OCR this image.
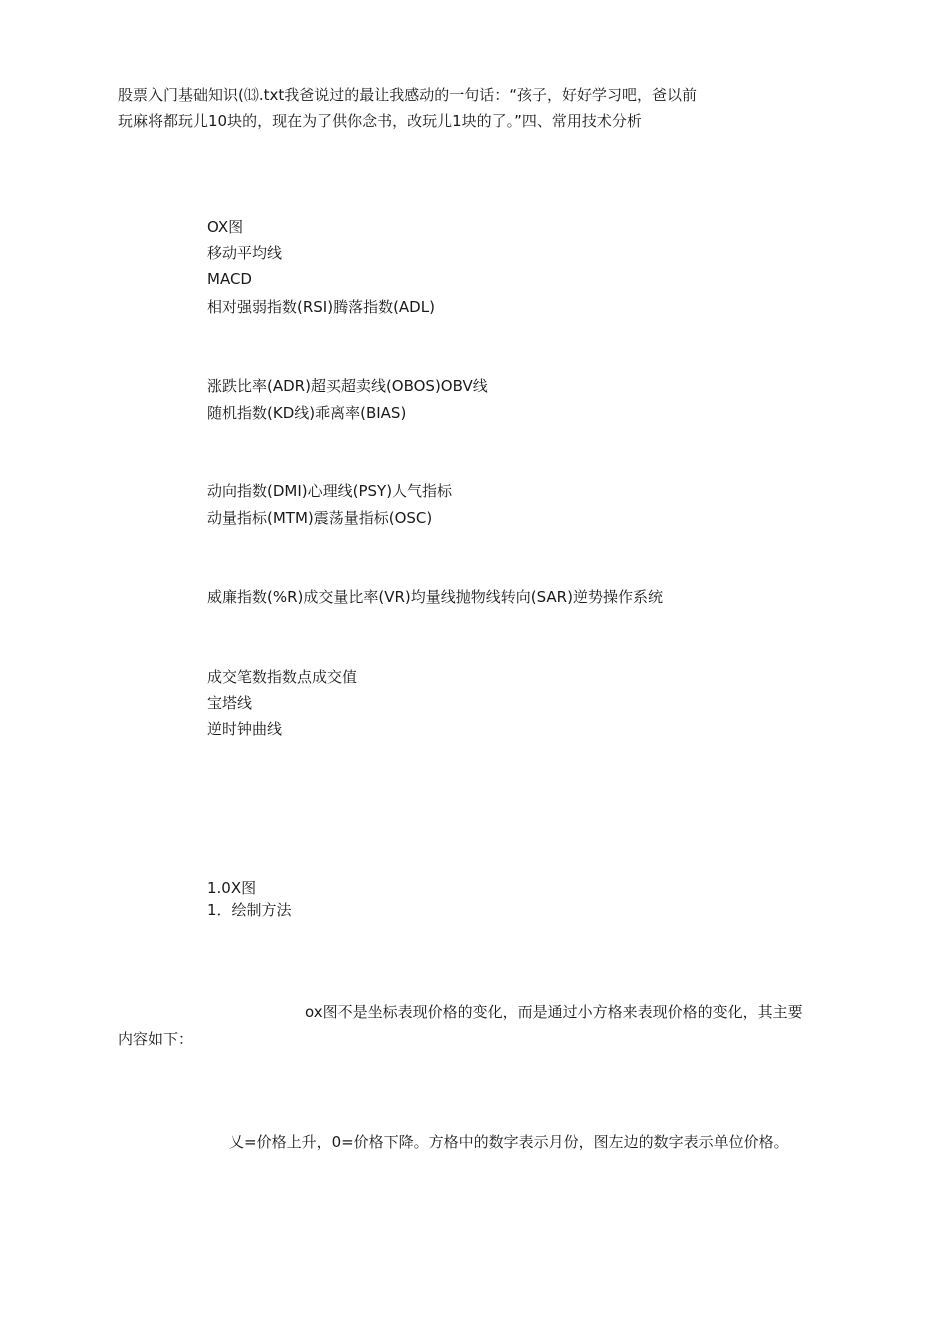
股票入门基础知识(⒀.txt我爸说过的最让我感动的一句话：“孩子，好好学习吧，爸以前
玩麻将都玩儿10块的，现在为了供你念书，改玩儿1块的了。”四、常用技术分析
OX图
移动平均线
MACD
相对强弱指数(RSI)腾落指数(ADL)
涨跌比率(ADR)超买超卖线(OBOS)OBV线
随机指数(KD线)乖离率(BIAS)
动向指数(DMI)心理线(PSY)人气指标
动量指标(MTM)震荡量指标(OSC)
威廉指数(%R)成交量比率(VR)均量线抛物线转向(SAR)逆势操作系统
成交笔数指数点成交值
宝塔线
逆时钟曲线
1.0X图
1．绘制方法
ox图不是坐标表现价格的变化，而是通过小方格来表现价格的变化，其主要
内容如下：
乂=价格上升，0=价格下降。方格中的数字表示月份，图左边的数字表示单位价格。
